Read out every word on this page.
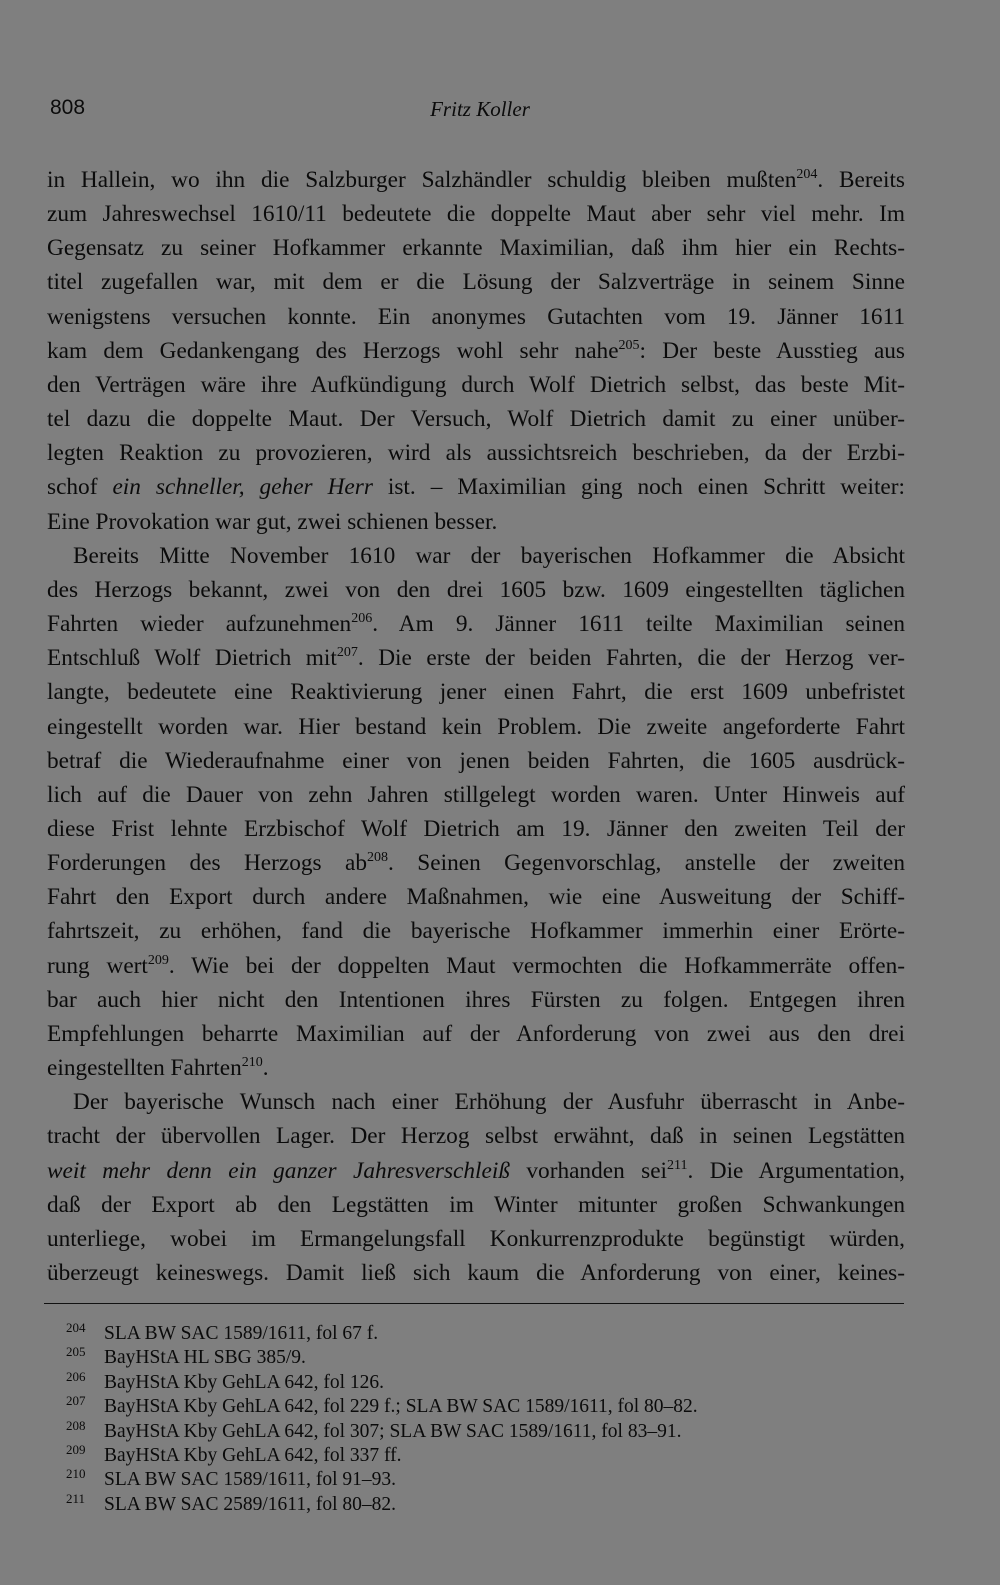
808	Fritz Koller
in Hallein, wo ihn die Salzburger Salzhändler schuldig bleiben mußten$^{204}$. Bereits
zum Jahreswechsel 1610/11 bedeutete die doppelte Maut aber sehr viel mehr. Im
Gegensatz zu seiner Hofkammer erkannte Maximilian, daß ihm hier ein Rechts-
titel zugefallen war, mit dem er die Lösung der Salzverträge in seinem Sinne
wenigstens versuchen konnte. Ein anonymes Gutachten vom 19. Jänner 1611
kam dem Gedankengang des Herzogs wohl sehr nahe$^{205}$: Der beste Ausstieg aus
den Verträgen wäre ihre Aufkündigung durch Wolf Dietrich selbst, das beste Mit-
tel dazu die doppelte Maut. Der Versuch, Wolf Dietrich damit zu einer unüber-
legten Reaktion zu provozieren, wird als aussichtsreich beschrieben, da der Erzbi-
schof ein schneller, geher Herr ist. – Maximilian ging noch einen Schritt weiter:
Eine Provokation war gut, zwei schienen besser.
Bereits Mitte November 1610 war der bayerischen Hofkammer die Absicht
des Herzogs bekannt, zwei von den drei 1605 bzw. 1609 eingestellten täglichen
Fahrten wieder aufzunehmen$^{206}$. Am 9. Jänner 1611 teilte Maximilian seinen
Entschluß Wolf Dietrich mit$^{207}$. Die erste der beiden Fahrten, die der Herzog ver-
langte, bedeutete eine Reaktivierung jener einen Fahrt, die erst 1609 unbefristet
eingestellt worden war. Hier bestand kein Problem. Die zweite angeforderte Fahrt
betraf die Wiederaufnahme einer von jenen beiden Fahrten, die 1605 ausdrück-
lich auf die Dauer von zehn Jahren stillgelegt worden waren. Unter Hinweis auf
diese Frist lehnte Erzbischof Wolf Dietrich am 19. Jänner den zweiten Teil der
Forderungen des Herzogs $ab^{208}$. Seinen Gegenvorschlag, anstelle der zweiten
Fahrt den Export durch andere Maßnahmen, wie eine Ausweitung der Schiff-
fahrtszeit, zu erhöhen, fand die bayerische Hofkammer immerhin einer Erörte-
rung wert$^{209}$. Wie bei der doppelten Maut vermochten die Hofkammerräte offen-
bar auch hier nicht den Intentionen ihres Fürsten zu folgen. Entgegen ihren
Empfehlungen beharrte Maximilian auf der Anforderung von zwei aus den drei
eingestellten Fahrten$^{210}$.
Der bayerische Wunsch nach einer Erhöhung der Ausfuhr überrascht in Anbe-
tracht der übervollen Lager. Der Herzog selbst erwähnt, daß in seinen Legstätten
weit mehr denn ein ganzer Jahresverschleiß vorhanden sei$^{211}$. Die Argumentation,
daß der Export ab den Legstätten im Winter mitunter großen Schwankungen
unterliege, wobei im Ermangelungsfall Konkurrenzprodukte begünstigt würden,
überzeugt keineswegs. Damit ließ sich kaum die Anforderung von einer, keines-
204 SLA BW SAC 1589/1611, fol 67 f.
205 BayHStA HL SBG 385/9.
206 BayHStA Kby GehLA 642, fol 126.
207 BayHStA Kby GehLA 642, fol 229 f.; SLA BW SAC 1589/1611, fol 80–82.
208 BayHStA Kby GehLA 642, fol 307; SLA BW SAC 1589/1611, fol 83–91.
209 BayHStA Kby GehLA 642, fol 337 ff.
210 SLA BW SAC 1589/1611, fol 91–93.
211 SLA BW SAC 2589/1611, fol 80–82.
